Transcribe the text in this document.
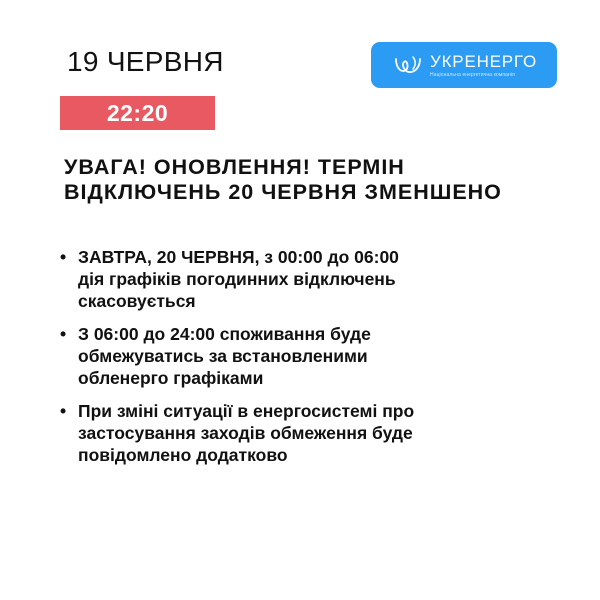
19 ЧЕРВНЯ	УКРЕНЕРГО
Національна енергетична компанія
22:20
УВАГА! ОНОВЛЕННЯ! ТЕРМІН
ВІДКЛЮЧЕНЬ 20 ЧЕРВНЯ ЗМЕНШЕНО
• ЗАВТРА, 20 ЧЕРВНЯ, з 00:00 до 06:00
дія графіків погодинних відключень
скасовується
• З 06:00 до 24:00 споживання буде
обмежуватись за встановленими
обленерго графіками
• При зміні ситуації в енергосистемі про
застосування заходів обмеження буде
повідомлено додатково
